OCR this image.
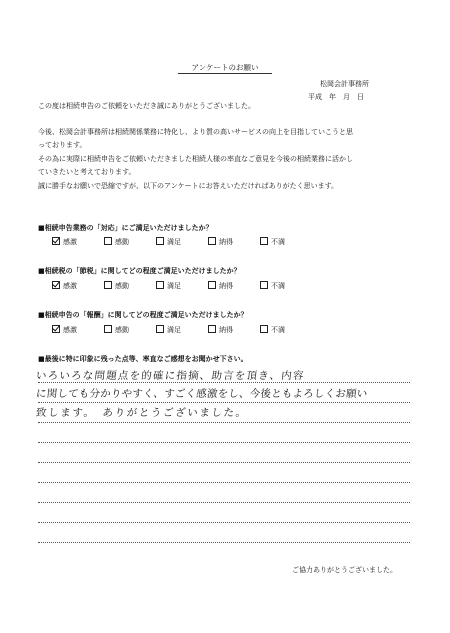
アンケートのお願い
松岡会計事務所
平成　年　月　日
この度は相続申告のご依頼をいただき誠にありがとうございました。
今後、松岡会計事務所は相続関係業務に特化し、より質の高いサービスの向上を目指していこうと思
っております。
その為に実際に相続申告をご依頼いただきました相続人様の率直なご意見を今後の相続業務に活かし
ていきたいと考えております。
誠に勝手なお願いで恐縮ですが、以下のアンケートにお答えいただければありがたく思います。
■相続申告業務の「対応」にご満足いただけましたか？
感激	感動	満足	納得	不満
■相続税の「節税」に関してどの程度ご満足いただけましたか？
感激	感動	満足	納得	不満
■相続申告の「報酬」に関してどの程度ご満足いただけましたか？
感激	感動	満足	納得	不満
■最後に特に印象に残った点等、率直なご感想をお聞かせ下さい。
いろいろな問題点を的確に指摘、助言を頂き、内容
に関しても分かりやすく、すごく感激をし、今後ともよろしくお願い
致します。　ありがとうございました。
ご協力ありがとうございました。
